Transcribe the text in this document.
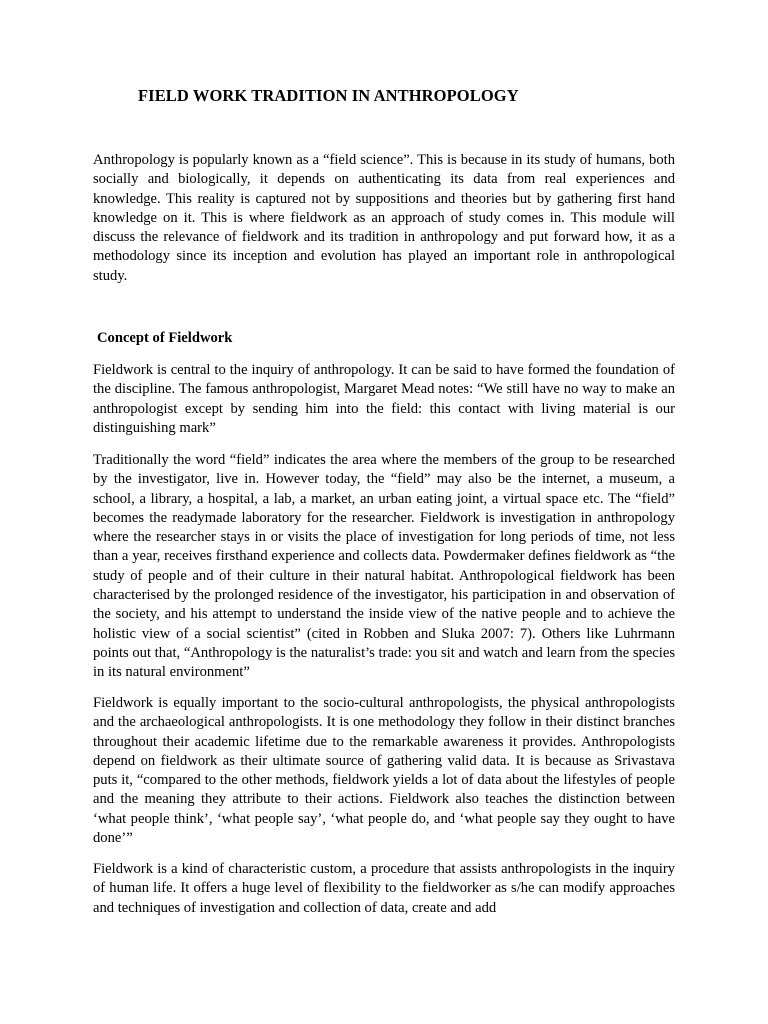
FIELD WORK TRADITION IN ANTHROPOLOGY

Anthropology is popularly known as a “field science”. This is because in its study of humans, both socially and biologically, it depends on authenticating its data from real experiences and knowledge. This reality is captured not by suppositions and theories but by gathering first hand knowledge on it. This is where fieldwork as an approach of study comes in. This module will discuss the relevance of fieldwork and its tradition in anthropology and put forward how, it as a methodology since its inception and evolution has played an important role in anthropological study.

Concept of Fieldwork

Fieldwork is central to the inquiry of anthropology. It can be said to have formed the foundation of the discipline. The famous anthropologist, Margaret Mead notes: “We still have no way to make an anthropologist except by sending him into the field: this contact with living material is our distinguishing mark”

Traditionally the word “field” indicates the area where the members of the group to be researched by the investigator, live in. However today, the “field” may also be the internet, a museum, a school, a library, a hospital, a lab, a market, an urban eating joint, a virtual space etc. The “field” becomes the readymade laboratory for the researcher. Fieldwork is investigation in anthropology where the researcher stays in or visits the place of investigation for long periods of time, not less than a year, receives firsthand experience and collects data. Powdermaker defines fieldwork as “the study of people and of their culture in their natural habitat. Anthropological fieldwork has been characterised by the prolonged residence of the investigator, his participation in and observation of the society, and his attempt to understand the inside view of the native people and to achieve the holistic view of a social scientist” (cited in Robben and Sluka 2007: 7). Others like Luhrmann points out that, “Anthropology is the naturalist’s trade: you sit and watch and learn from the species in its natural environment”

Fieldwork is equally important to the socio-cultural anthropologists, the physical anthropologists and the archaeological anthropologists. It is one methodology they follow in their distinct branches throughout their academic lifetime due to the remarkable awareness it provides. Anthropologists depend on fieldwork as their ultimate source of gathering valid data. It is because as Srivastava puts it, “compared to the other methods, fieldwork yields a lot of data about the lifestyles of people and the meaning they attribute to their actions. Fieldwork also teaches the distinction between ‘what people think’, ‘what people say’, ‘what people do, and ‘what people say they ought to have done’”

Fieldwork is a kind of characteristic custom, a procedure that assists anthropologists in the inquiry of human life. It offers a huge level of flexibility to the fieldworker as s/he can modify approaches and techniques of investigation and collection of data, create and add
